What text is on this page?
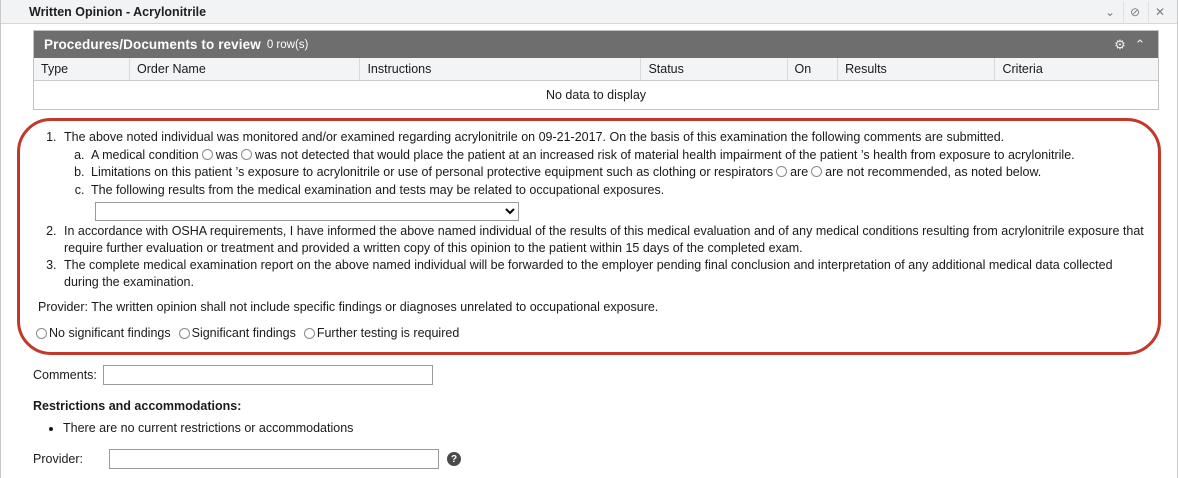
Written Opinion - Acrylonitrile	⌄	⊘	✕
Procedures/Documents to review 0 row(s)	⚙ ⌃
Type	Order Name	Instructions	Status	On	Results	Criteria
No data to display
1. The above noted individual was monitored and/or examined regarding acrylonitrile on 09-21-2017. On the basis of this examination the following comments are submitted.
a. A medical condition was was not detected that would place the patient at an increased risk of material health impairment of the patient ’s health from exposure to acrylonitrile.
b. Limitations on this patient ’s exposure to acrylonitrile or use of personal protective equipment such as clothing or respirators are are not recommended, as noted below.
c. The following results from the medical examination and tests may be related to occupational exposures.
2. In accordance with OSHA requirements, I have informed the above named individual of the results of this medical evaluation and of any medical conditions resulting from acrylonitrile exposure that require further evaluation or treatment and provided a written copy of this opinion to the patient within 15 days of the completed exam.
3. The complete medical examination report on the above named individual will be forwarded to the employer pending final conclusion and interpretation of any additional medical data collected during the examination.
Provider: The written opinion shall not include specific findings or diagnoses unrelated to occupational exposure.
No significant findings Significant findings Further testing is required
Comments:
Restrictions and accommodations:
• There are no current restrictions or accommodations
Provider:	?
